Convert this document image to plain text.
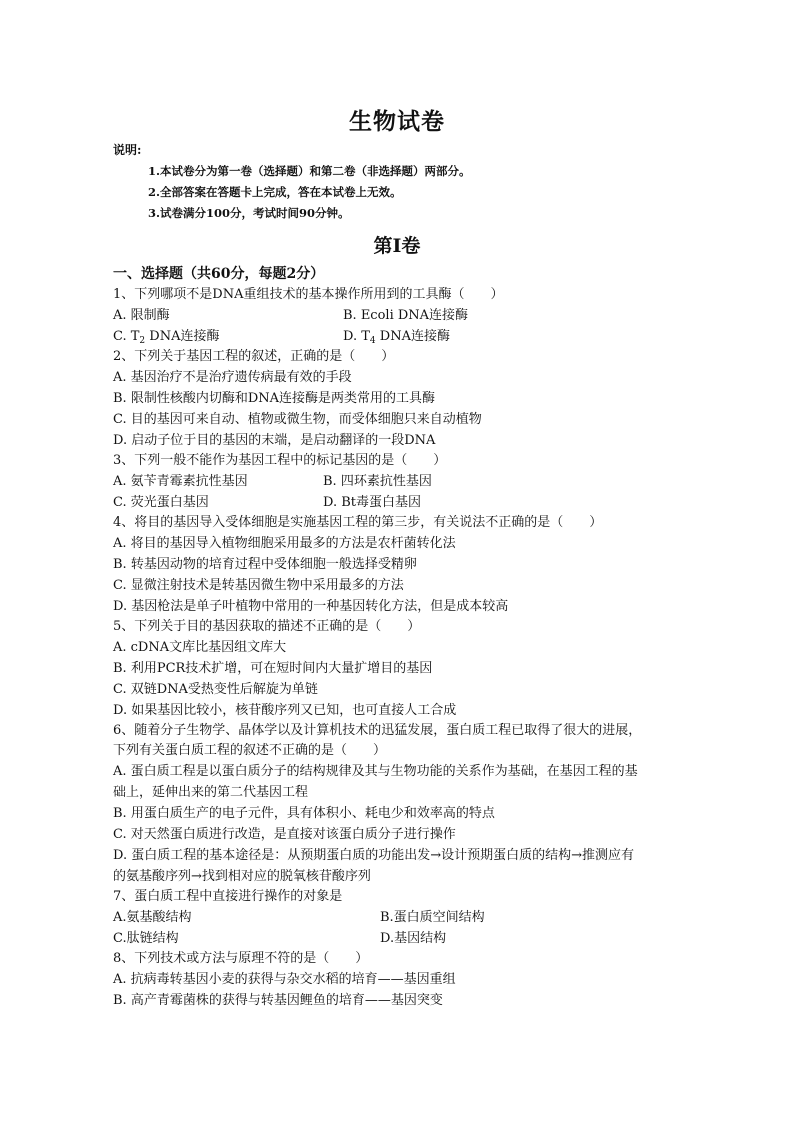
生物试卷
说明:
1.本试卷分为第一卷（选择题）和第二卷（非选择题）两部分。
2.全部答案在答题卡上完成，答在本试卷上无效。
3.试卷满分100分，考试时间90分钟。
第Ⅰ卷
一、选择题（共60分，每题2分）
1、下列哪项不是DNA重组技术的基本操作所用到的工具酶（　　）
A. 限制酶	B. Ecoli DNA连接酶
C. $T_2$ DNA连接酶	D. $T_4$ DNA连接酶
2、下列关于基因工程的叙述，正确的是（　　）
A. 基因治疗不是治疗遗传病最有效的手段
B. 限制性核酸内切酶和DNA连接酶是两类常用的工具酶
C. 目的基因可来自动、植物或微生物，而受体细胞只来自动植物
D. 启动子位于目的基因的末端，是启动翻译的一段DNA
3、下列一般不能作为基因工程中的标记基因的是（　　）
A. 氨苄青霉素抗性基因	B. 四环素抗性基因
C. 荧光蛋白基因	D. Bt毒蛋白基因
4、将目的基因导入受体细胞是实施基因工程的第三步，有关说法不正确的是（　　）
A. 将目的基因导入植物细胞采用最多的方法是农杆菌转化法
B. 转基因动物的培育过程中受体细胞一般选择受精卵
C. 显微注射技术是转基因微生物中采用最多的方法
D. 基因枪法是单子叶植物中常用的一种基因转化方法，但是成本较高
5、下列关于目的基因获取的描述不正确的是（　　）
A. cDNA文库比基因组文库大
B. 利用PCR技术扩增，可在短时间内大量扩增目的基因
C. 双链DNA受热变性后解旋为单链
D. 如果基因比较小，核苷酸序列又已知，也可直接人工合成
6、随着分子生物学、晶体学以及计算机技术的迅猛发展，蛋白质工程已取得了很大的进展，
下列有关蛋白质工程的叙述不正确的是（　　）
A. 蛋白质工程是以蛋白质分子的结构规律及其与生物功能的关系作为基础，在基因工程的基
础上，延伸出来的第二代基因工程
B. 用蛋白质生产的电子元件，具有体积小、耗电少和效率高的特点
C. 对天然蛋白质进行改造，是直接对该蛋白质分子进行操作
D. 蛋白质工程的基本途径是：从预期蛋白质的功能出发→设计预期蛋白质的结构→推测应有
的氨基酸序列→找到相对应的脱氧核苷酸序列
7、蛋白质工程中直接进行操作的对象是
A.氨基酸结构	B.蛋白质空间结构
C.肽链结构	D.基因结构
8、下列技术或方法与原理不符的是（　　）
A. 抗病毒转基因小麦的获得与杂交水稻的培育——基因重组
B. 高产青霉菌株的获得与转基因鲤鱼的培育——基因突变
